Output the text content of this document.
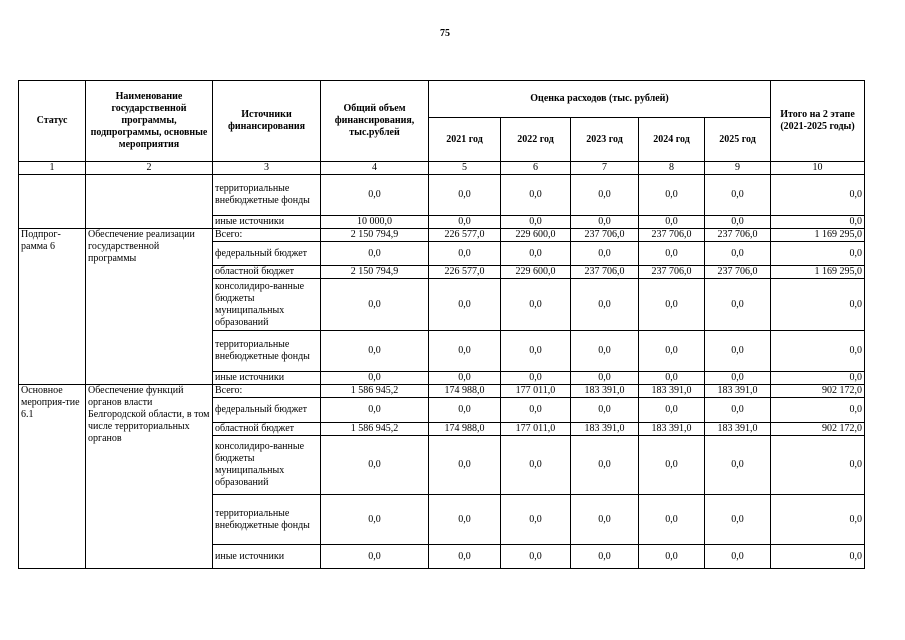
75
Статус	Наименование государственной программы, подпрограммы, основные мероприятия	Источники финансирования	Общий объем финансирования, тыс.рублей	Оценка расходов (тыс. рублей)					Итого на 2 этапе (2021-2025 годы)
				2021 год	2022 год	2023 год	2024 год	2025 год	
1	2	3	4	5	6	7	8	9	10
		территориальные внебюджетные фонды	0,0	0,0	0,0	0,0	0,0	0,0	0,0
		иные источники	10 000,0	0,0	0,0	0,0	0,0	0,0	0,0
Подпрог-рамма 6	Обеспечение реализации государственной программы	Всего:	2 150 794,9	226 577,0	229 600,0	237 706,0	237 706,0	237 706,0	1 169 295,0
		федеральный бюджет	0,0	0,0	0,0	0,0	0,0	0,0	0,0
		областной бюджет	2 150 794,9	226 577,0	229 600,0	237 706,0	237 706,0	237 706,0	1 169 295,0
		консолидиро-ванные бюджеты муниципальных образований	0,0	0,0	0,0	0,0	0,0	0,0	0,0
		территориальные внебюджетные фонды	0,0	0,0	0,0	0,0	0,0	0,0	0,0
		иные источники	0,0	0,0	0,0	0,0	0,0	0,0	0,0
Основное мероприя-тие 6.1	Обеспечение функций органов власти Белгородской области, в том числе территориальных органов	Всего:	1 586 945,2	174 988,0	177 011,0	183 391,0	183 391,0	183 391,0	902 172,0
		федеральный бюджет	0,0	0,0	0,0	0,0	0,0	0,0	0,0
		областной бюджет	1 586 945,2	174 988,0	177 011,0	183 391,0	183 391,0	183 391,0	902 172,0
		консолидиро-ванные бюджеты муниципальных образований	0,0	0,0	0,0	0,0	0,0	0,0	0,0
		территориальные внебюджетные фонды	0,0	0,0	0,0	0,0	0,0	0,0	0,0
		иные источники	0,0	0,0	0,0	0,0	0,0	0,0	0,0
